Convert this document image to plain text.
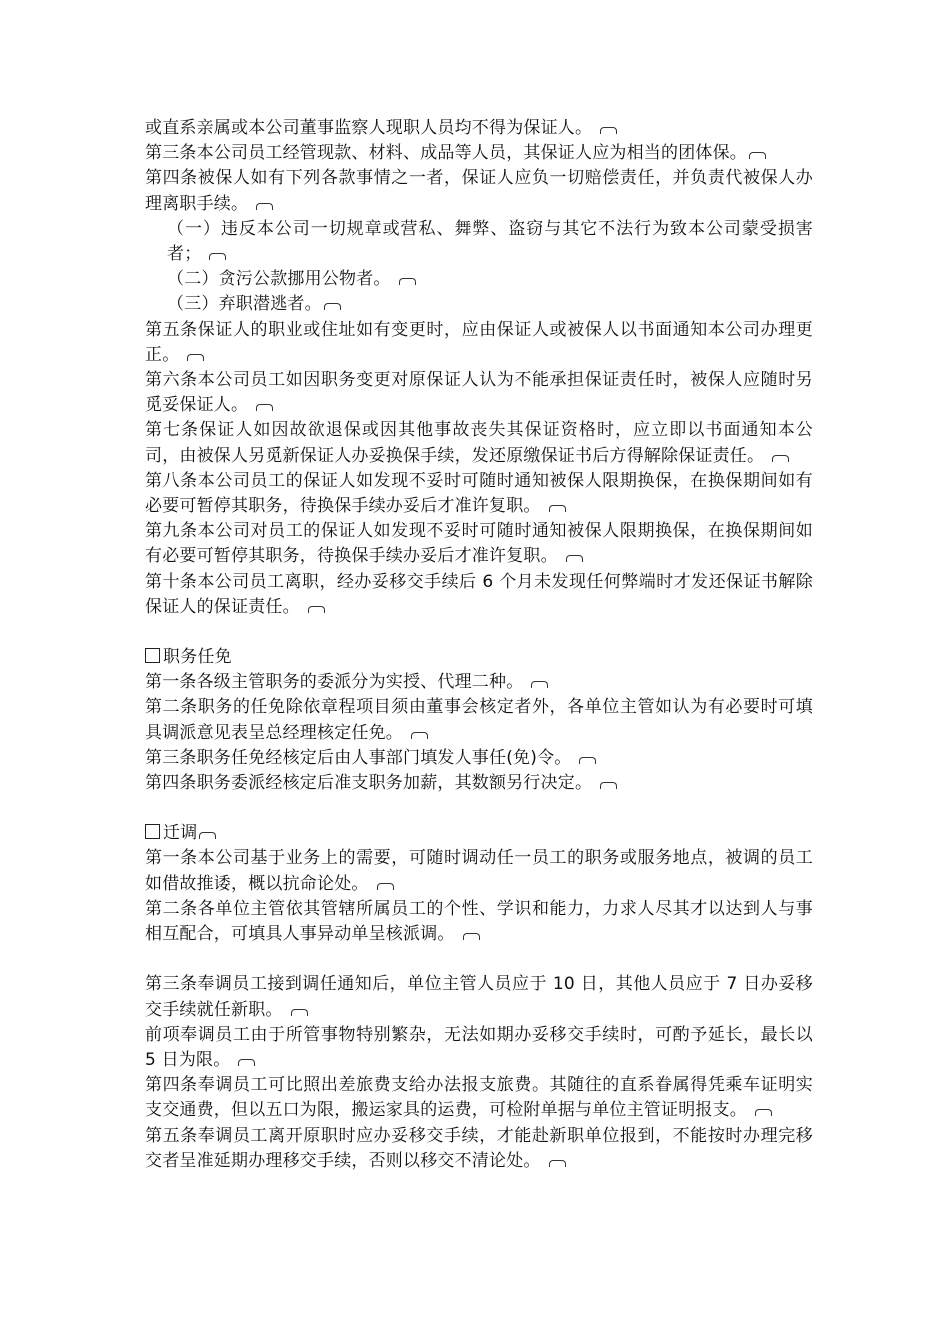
或直系亲属或本公司董事监察人现职人员均不得为保证人。

第三条本公司员工经管现款、材料、成品等人员，其保证人应为相当的团体保。

第四条被保人如有下列各款事情之一者，保证人应负一切赔偿责任，并负责代被保人办理离职手续。

（一）违反本公司一切规章或营私、舞弊、盗窃与其它不法行为致本公司蒙受损害者；

（二）贪污公款挪用公物者。

（三）弃职潜逃者。

第五条保证人的职业或住址如有变更时，应由保证人或被保人以书面通知本公司办理更正。

第六条本公司员工如因职务变更对原保证人认为不能承担保证责任时，被保人应随时另觅妥保证人。

第七条保证人如因故欲退保或因其他事故丧失其保证资格时，应立即以书面通知本公司，由被保人另觅新保证人办妥换保手续，发还原缴保证书后方得解除保证责任。

第八条本公司员工的保证人如发现不妥时可随时通知被保人限期换保，在换保期间如有必要可暂停其职务，待换保手续办妥后才准许复职。

第九条本公司对员工的保证人如发现不妥时可随时通知被保人限期换保，在换保期间如有必要可暂停其职务，待换保手续办妥后才准许复职。

第十条本公司员工离职，经办妥移交手续后 6 个月未发现任何弊端时才发还保证书解除保证人的保证责任。

职务任免

第一条各级主管职务的委派分为实授、代理二种。

第二条职务的任免除依章程项目须由董事会核定者外，各单位主管如认为有必要时可填具调派意见表呈总经理核定任免。

第三条职务任免经核定后由人事部门填发人事任(免)令。

第四条职务委派经核定后准支职务加薪，其数额另行决定。

迁调

第一条本公司基于业务上的需要，可随时调动任一员工的职务或服务地点，被调的员工如借故推诿，概以抗命论处。

第二条各单位主管依其管辖所属员工的个性、学识和能力，力求人尽其才以达到人与事相互配合，可填具人事异动单呈核派调。

第三条奉调员工接到调任通知后，单位主管人员应于 10 日，其他人员应于 7 日办妥移交手续就任新职。

前项奉调员工由于所管事物特别繁杂，无法如期办妥移交手续时，可酌予延长，最长以 5 日为限。

第四条奉调员工可比照出差旅费支给办法报支旅费。其随往的直系眷属得凭乘车证明实支交通费，但以五口为限，搬运家具的运费，可检附单据与单位主管证明报支。

第五条奉调员工离开原职时应办妥移交手续，才能赴新职单位报到，不能按时办理完移交者呈准延期办理移交手续，否则以移交不清论处。
